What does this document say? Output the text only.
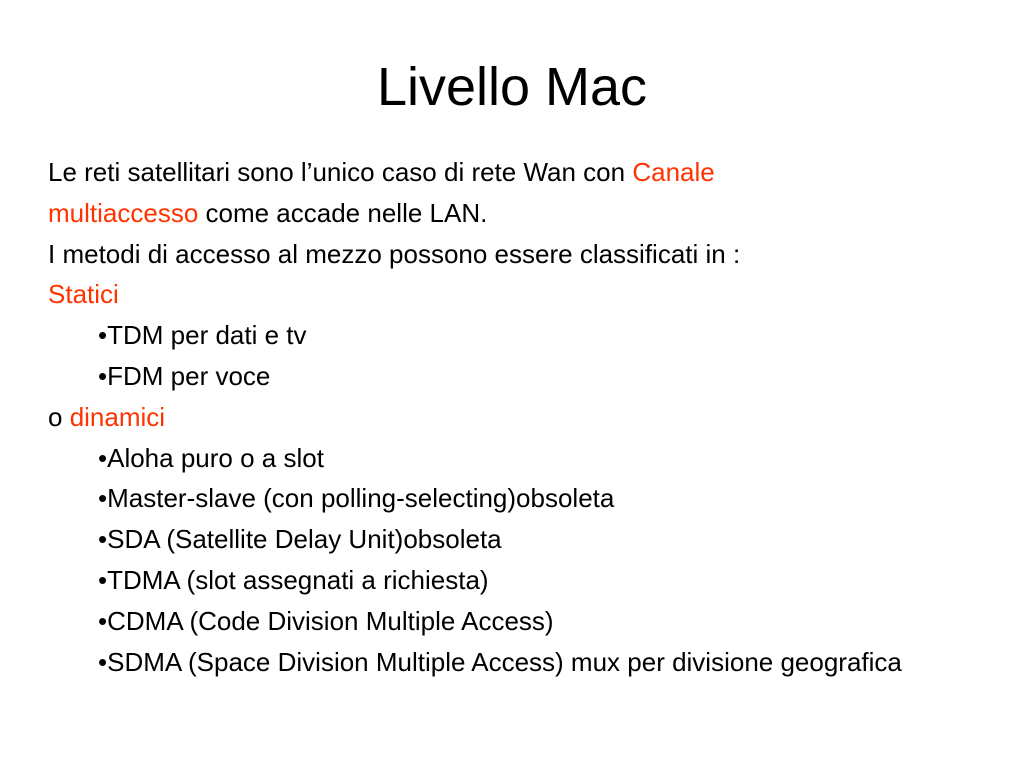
Livello Mac

Le reti satellitari sono l’unico caso di rete Wan con Canale

multiaccesso come accade nelle LAN.

I metodi di accesso al mezzo possono essere classificati in :

Statici

•TDM per dati e tv

•FDM per voce

o dinamici

•Aloha puro o a slot

•Master-slave (con polling-selecting)obsoleta

•SDA (Satellite Delay Unit)obsoleta

•TDMA (slot assegnati a richiesta)

•CDMA (Code Division Multiple Access)

•SDMA (Space Division Multiple Access) mux per divisione geografica
